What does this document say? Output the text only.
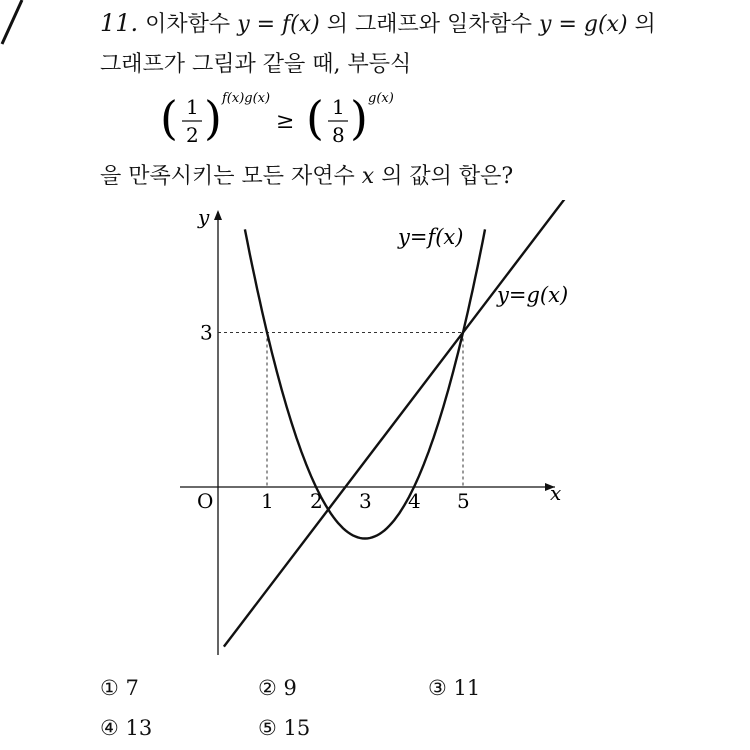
11. 이차함수 y = f(x) 의 그래프와 일차함수 y = g(x) 의
그래프가 그림과 같을 때, 부등식
( 1
2 ) f(x)g(x)
≥ ( 1
8 ) g(x)
을 만족시키는 모든 자연수 x 의 값의 합은?
x
y
O 1 2 3 4 5
3
y=f(x)
y=g(x)
① 7	② 9	③ 11
④ 13	⑤ 15
